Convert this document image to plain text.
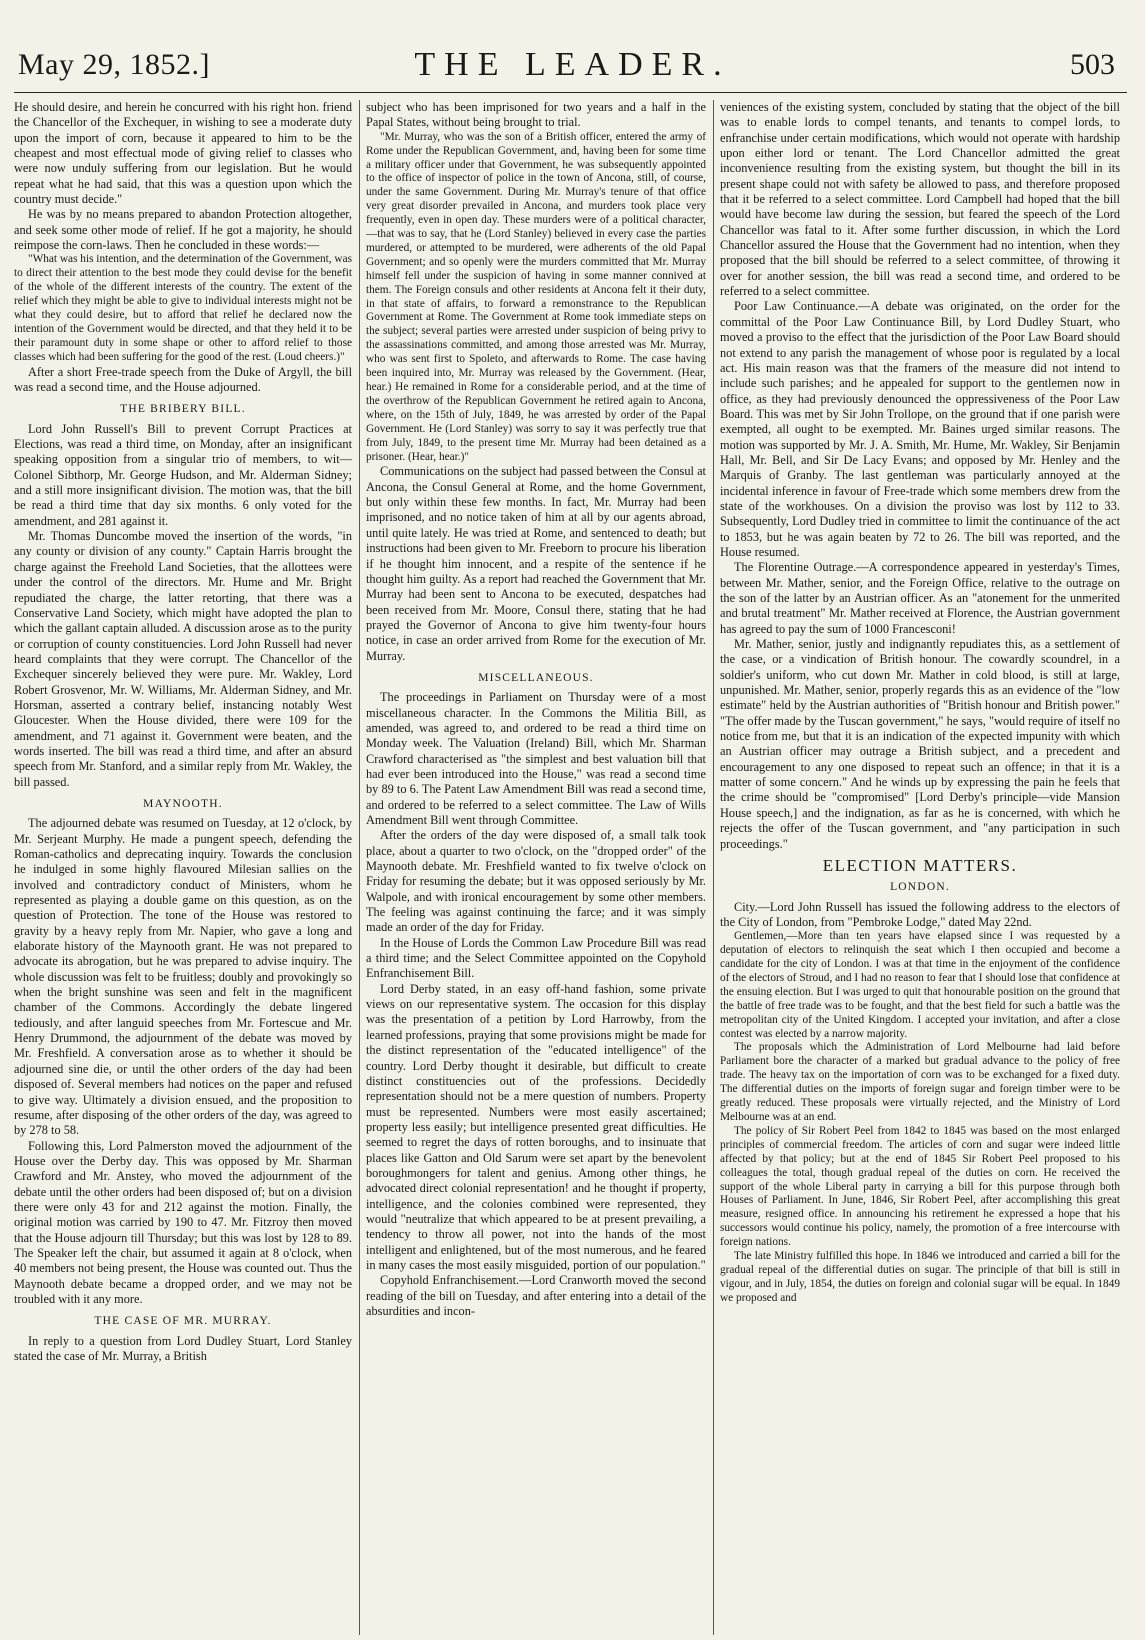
May 29, 1852.]	THE LEADER.	503

He should desire, and herein he concurred with his right hon. friend the Chancellor of the Exchequer, in wishing to see a moderate duty upon the import of corn, because it appeared to him to be the cheapest and most effectual mode of giving relief to classes who were now unduly suffering from our legislation. But he would repeat what he had said, that this was a question upon which the country must decide."

He was by no means prepared to abandon Protection altogether, and seek some other mode of relief. If he got a majority, he should reimpose the corn-laws. Then he concluded in these words:—

"What was his intention, and the determination of the Government, was to direct their attention to the best mode they could devise for the benefit of the whole of the different interests of the country. The extent of the relief which they might be able to give to individual interests might not be what they could desire, but to afford that relief he declared now the intention of the Government would be directed, and that they held it to be their paramount duty in some shape or other to afford relief to those classes which had been suffering for the good of the rest. (Loud cheers.)"

After a short Free-trade speech from the Duke of Argyll, the bill was read a second time, and the House adjourned.

THE BRIBERY BILL.

Lord John Russell's Bill to prevent Corrupt Practices at Elections, was read a third time, on Monday, after an insignificant speaking opposition from a singular trio of members, to wit—Colonel Sibthorp, Mr. George Hudson, and Mr. Alderman Sidney; and a still more insignificant division. The motion was, that the bill be read a third time that day six months. 6 only voted for the amendment, and 281 against it.

Mr. Thomas Duncombe moved the insertion of the words, "in any county or division of any county." Captain Harris brought the charge against the Freehold Land Societies, that the allottees were under the control of the directors. Mr. Hume and Mr. Bright repudiated the charge, the latter retorting, that there was a Conservative Land Society, which might have adopted the plan to which the gallant captain alluded. A discussion arose as to the purity or corruption of county constituencies. Lord John Russell had never heard complaints that they were corrupt. The Chancellor of the Exchequer sincerely believed they were pure. Mr. Wakley, Lord Robert Grosvenor, Mr. W. Williams, Mr. Alderman Sidney, and Mr. Horsman, asserted a contrary belief, instancing notably West Gloucester. When the House divided, there were 109 for the amendment, and 71 against it. Government were beaten, and the words inserted. The bill was read a third time, and after an absurd speech from Mr. Stanford, and a similar reply from Mr. Wakley, the bill passed.

MAYNOOTH.

The adjourned debate was resumed on Tuesday, at 12 o'clock, by Mr. Serjeant Murphy. He made a pungent speech, defending the Roman-catholics and deprecating inquiry. Towards the conclusion he indulged in some highly flavoured Milesian sallies on the involved and contradictory conduct of Ministers, whom he represented as playing a double game on this question, as on the question of Protection. The tone of the House was restored to gravity by a heavy reply from Mr. Napier, who gave a long and elaborate history of the Maynooth grant. He was not prepared to advocate its abrogation, but he was prepared to advise inquiry. The whole discussion was felt to be fruitless; doubly and provokingly so when the bright sunshine was seen and felt in the magnificent chamber of the Commons. Accordingly the debate lingered tediously, and after languid speeches from Mr. Fortescue and Mr. Henry Drummond, the adjournment of the debate was moved by Mr. Freshfield. A conversation arose as to whether it should be adjourned sine die, or until the other orders of the day had been disposed of. Several members had notices on the paper and refused to give way. Ultimately a division ensued, and the proposition to resume, after disposing of the other orders of the day, was agreed to by 278 to 58.

Following this, Lord Palmerston moved the adjournment of the House over the Derby day. This was opposed by Mr. Sharman Crawford and Mr. Anstey, who moved the adjournment of the debate until the other orders had been disposed of; but on a division there were only 43 for and 212 against the motion. Finally, the original motion was carried by 190 to 47. Mr. Fitzroy then moved that the House adjourn till Thursday; but this was lost by 128 to 89. The Speaker left the chair, but assumed it again at 8 o'clock, when 40 members not being present, the House was counted out. Thus the Maynooth debate became a dropped order, and we may not be troubled with it any more.

THE CASE OF MR. MURRAY.

In reply to a question from Lord Dudley Stuart, Lord Stanley stated the case of Mr. Murray, a British

subject who has been imprisoned for two years and a half in the Papal States, without being brought to trial.

"Mr. Murray, who was the son of a British officer, entered the army of Rome under the Republican Government, and, having been for some time a military officer under that Government, he was subsequently appointed to the office of inspector of police in the town of Ancona, still, of course, under the same Government. During Mr. Murray's tenure of that office very great disorder prevailed in Ancona, and murders took place very frequently, even in open day. These murders were of a political character,—that was to say, that he (Lord Stanley) believed in every case the parties murdered, or attempted to be murdered, were adherents of the old Papal Government; and so openly were the murders committed that Mr. Murray himself fell under the suspicion of having in some manner connived at them. The Foreign consuls and other residents at Ancona felt it their duty, in that state of affairs, to forward a remonstrance to the Republican Government at Rome. The Government at Rome took immediate steps on the subject; several parties were arrested under suspicion of being privy to the assassinations committed, and among those arrested was Mr. Murray, who was sent first to Spoleto, and afterwards to Rome. The case having been inquired into, Mr. Murray was released by the Government. (Hear, hear.) He remained in Rome for a considerable period, and at the time of the overthrow of the Republican Government he retired again to Ancona, where, on the 15th of July, 1849, he was arrested by order of the Papal Government. He (Lord Stanley) was sorry to say it was perfectly true that from July, 1849, to the present time Mr. Murray had been detained as a prisoner. (Hear, hear.)"

Communications on the subject had passed between the Consul at Ancona, the Consul General at Rome, and the home Government, but only within these few months. In fact, Mr. Murray had been imprisoned, and no notice taken of him at all by our agents abroad, until quite lately. He was tried at Rome, and sentenced to death; but instructions had been given to Mr. Freeborn to procure his liberation if he thought him innocent, and a respite of the sentence if he thought him guilty. As a report had reached the Government that Mr. Murray had been sent to Ancona to be executed, despatches had been received from Mr. Moore, Consul there, stating that he had prayed the Governor of Ancona to give him twenty-four hours notice, in case an order arrived from Rome for the execution of Mr. Murray.

MISCELLANEOUS.

The proceedings in Parliament on Thursday were of a most miscellaneous character. In the Commons the Militia Bill, as amended, was agreed to, and ordered to be read a third time on Monday week. The Valuation (Ireland) Bill, which Mr. Sharman Crawford characterised as "the simplest and best valuation bill that had ever been introduced into the House," was read a second time by 89 to 6. The Patent Law Amendment Bill was read a second time, and ordered to be referred to a select committee. The Law of Wills Amendment Bill went through Committee.

After the orders of the day were disposed of, a small talk took place, about a quarter to two o'clock, on the "dropped order" of the Maynooth debate. Mr. Freshfield wanted to fix twelve o'clock on Friday for resuming the debate; but it was opposed seriously by Mr. Walpole, and with ironical encouragement by some other members. The feeling was against continuing the farce; and it was simply made an order of the day for Friday.

In the House of Lords the Common Law Procedure Bill was read a third time; and the Select Committee appointed on the Copyhold Enfranchisement Bill.

Lord Derby stated, in an easy off-hand fashion, some private views on our representative system. The occasion for this display was the presentation of a petition by Lord Harrowby, from the learned professions, praying that some provisions might be made for the distinct representation of the "educated intelligence" of the country. Lord Derby thought it desirable, but difficult to create distinct constituencies out of the professions. Decidedly representation should not be a mere question of numbers. Property must be represented. Numbers were most easily ascertained; property less easily; but intelligence presented great difficulties. He seemed to regret the days of rotten boroughs, and to insinuate that places like Gatton and Old Sarum were set apart by the benevolent boroughmongers for talent and genius. Among other things, he advocated direct colonial representation! and he thought if property, intelligence, and the colonies combined were represented, they would "neutralize that which appeared to be at present prevailing, a tendency to throw all power, not into the hands of the most intelligent and enlightened, but of the most numerous, and he feared in many cases the most easily misguided, portion of our population."

Copyhold Enfranchisement.—Lord Cranworth moved the second reading of the bill on Tuesday, and after entering into a detail of the absurdities and incon-

veniences of the existing system, concluded by stating that the object of the bill was to enable lords to compel tenants, and tenants to compel lords, to enfranchise under certain modifications, which would not operate with hardship upon either lord or tenant. The Lord Chancellor admitted the great inconvenience resulting from the existing system, but thought the bill in its present shape could not with safety be allowed to pass, and therefore proposed that it be referred to a select committee. Lord Campbell had hoped that the bill would have become law during the session, but feared the speech of the Lord Chancellor was fatal to it. After some further discussion, in which the Lord Chancellor assured the House that the Government had no intention, when they proposed that the bill should be referred to a select committee, of throwing it over for another session, the bill was read a second time, and ordered to be referred to a select committee.

Poor Law Continuance.—A debate was originated, on the order for the committal of the Poor Law Continuance Bill, by Lord Dudley Stuart, who moved a proviso to the effect that the jurisdiction of the Poor Law Board should not extend to any parish the management of whose poor is regulated by a local act. His main reason was that the framers of the measure did not intend to include such parishes; and he appealed for support to the gentlemen now in office, as they had previously denounced the oppressiveness of the Poor Law Board. This was met by Sir John Trollope, on the ground that if one parish were exempted, all ought to be exempted. Mr. Baines urged similar reasons. The motion was supported by Mr. J. A. Smith, Mr. Hume, Mr. Wakley, Sir Benjamin Hall, Mr. Bell, and Sir De Lacy Evans; and opposed by Mr. Henley and the Marquis of Granby. The last gentleman was particularly annoyed at the incidental inference in favour of Free-trade which some members drew from the state of the workhouses. On a division the proviso was lost by 112 to 33. Subsequently, Lord Dudley tried in committee to limit the continuance of the act to 1853, but he was again beaten by 72 to 26. The bill was reported, and the House resumed.

The Florentine Outrage.—A correspondence appeared in yesterday's Times, between Mr. Mather, senior, and the Foreign Office, relative to the outrage on the son of the latter by an Austrian officer. As an "atonement for the unmerited and brutal treatment" Mr. Mather received at Florence, the Austrian government has agreed to pay the sum of 1000 Francesconi!

Mr. Mather, senior, justly and indignantly repudiates this, as a settlement of the case, or a vindication of British honour. The cowardly scoundrel, in a soldier's uniform, who cut down Mr. Mather in cold blood, is still at large, unpunished. Mr. Mather, senior, properly regards this as an evidence of the "low estimate" held by the Austrian authorities of "British honour and British power." "The offer made by the Tuscan government," he says, "would require of itself no notice from me, but that it is an indication of the expected impunity with which an Austrian officer may outrage a British subject, and a precedent and encouragement to any one disposed to repeat such an offence; in that it is a matter of some concern." And he winds up by expressing the pain he feels that the crime should be "compromised" [Lord Derby's principle—vide Mansion House speech,] and the indignation, as far as he is concerned, with which he rejects the offer of the Tuscan government, and "any participation in such proceedings."

ELECTION MATTERS.
LONDON.

City.—Lord John Russell has issued the following address to the electors of the City of London, from "Pembroke Lodge," dated May 22nd.

Gentlemen,—More than ten years have elapsed since I was requested by a deputation of electors to relinquish the seat which I then occupied and become a candidate for the city of London. I was at that time in the enjoyment of the confidence of the electors of Stroud, and I had no reason to fear that I should lose that confidence at the ensuing election. But I was urged to quit that honourable position on the ground that the battle of free trade was to be fought, and that the best field for such a battle was the metropolitan city of the United Kingdom. I accepted your invitation, and after a close contest was elected by a narrow majority.

The proposals which the Administration of Lord Melbourne had laid before Parliament bore the character of a marked but gradual advance to the policy of free trade. The heavy tax on the importation of corn was to be exchanged for a fixed duty. The differential duties on the imports of foreign sugar and foreign timber were to be greatly reduced. These proposals were virtually rejected, and the Ministry of Lord Melbourne was at an end.

The policy of Sir Robert Peel from 1842 to 1845 was based on the most enlarged principles of commercial freedom. The articles of corn and sugar were indeed little affected by that policy; but at the end of 1845 Sir Robert Peel proposed to his colleagues the total, though gradual repeal of the duties on corn. He received the support of the whole Liberal party in carrying a bill for this purpose through both Houses of Parliament. In June, 1846, Sir Robert Peel, after accomplishing this great measure, resigned office. In announcing his retirement he expressed a hope that his successors would continue his policy, namely, the promotion of a free intercourse with foreign nations.

The late Ministry fulfilled this hope. In 1846 we introduced and carried a bill for the gradual repeal of the differential duties on sugar. The principle of that bill is still in vigour, and in July, 1854, the duties on foreign and colonial sugar will be equal. In 1849 we proposed and
